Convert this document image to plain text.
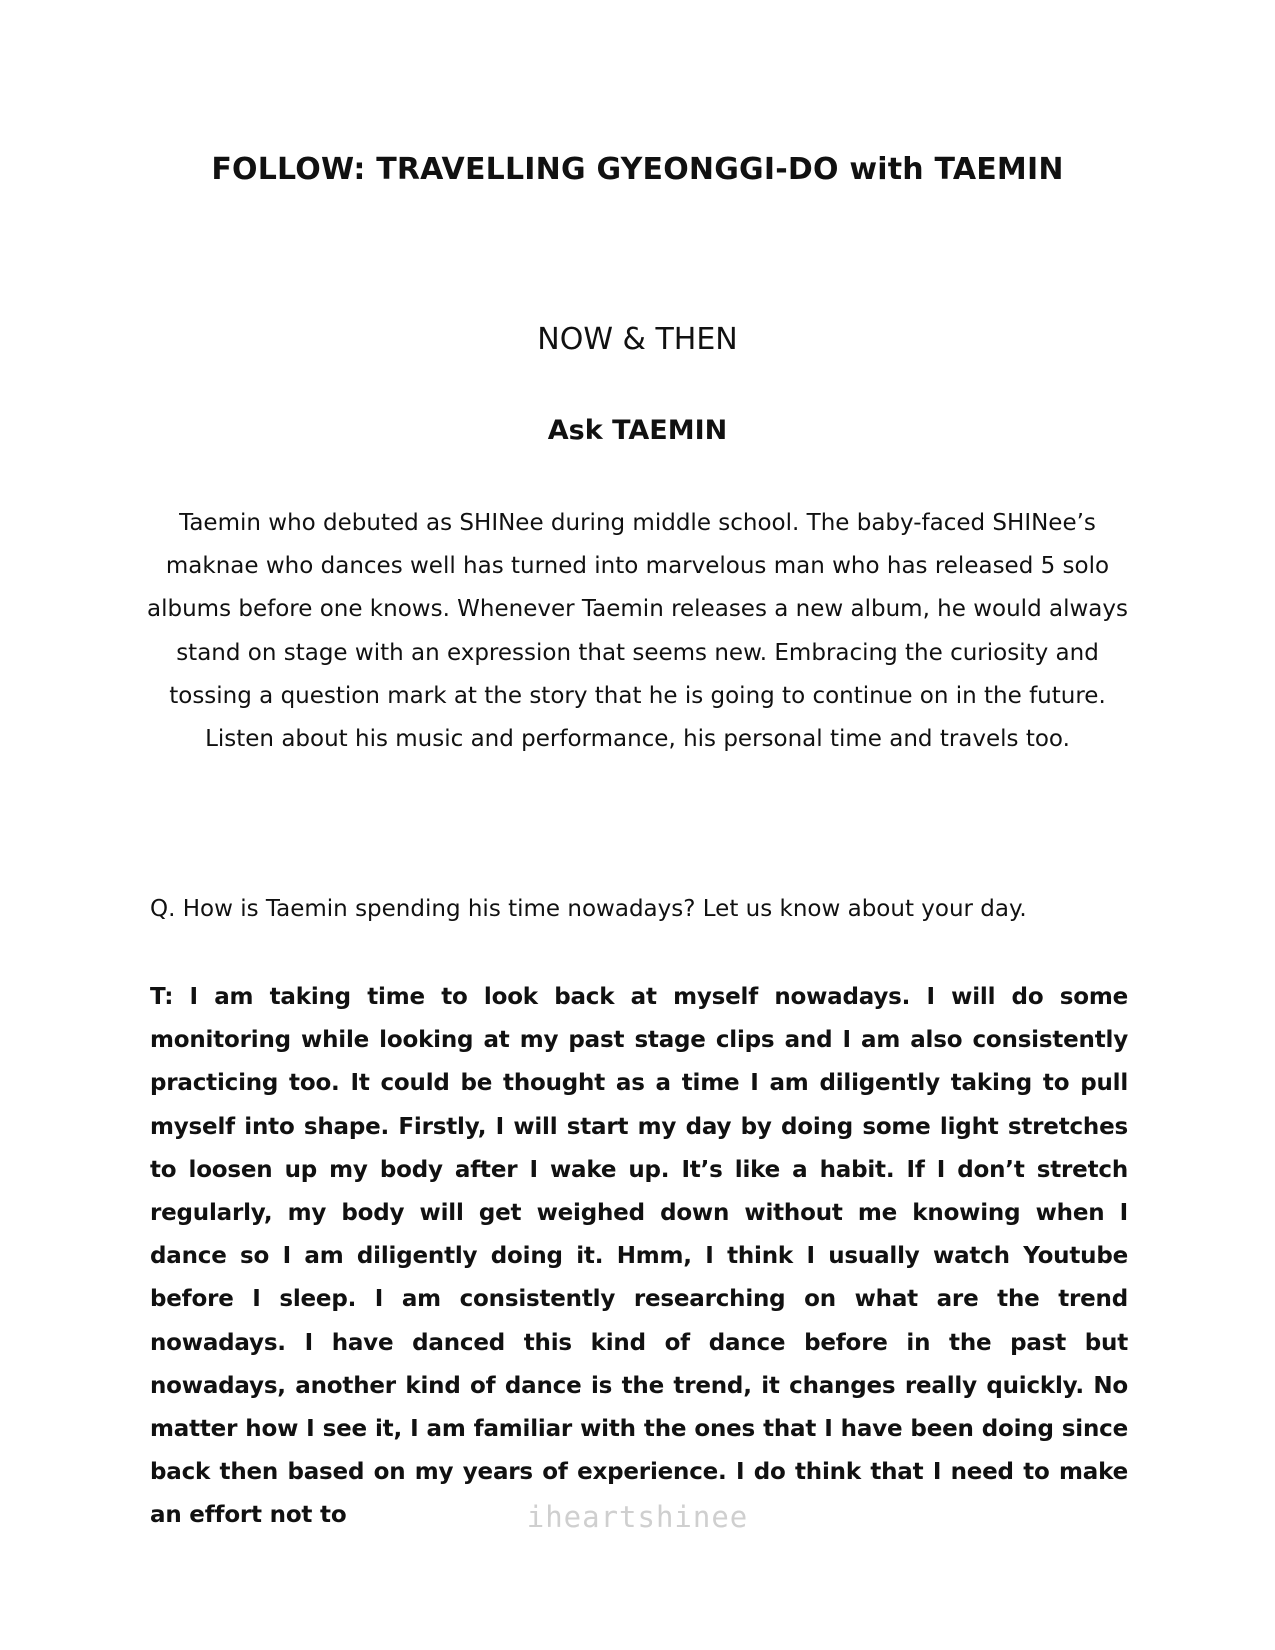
FOLLOW: TRAVELLING GYEONGGI-DO with TAEMIN
NOW & THEN
Ask TAEMIN

Taemin who debuted as SHINee during middle school. The baby-faced SHINee’s maknae who dances well has turned into marvelous man who has released 5 solo albums before one knows. Whenever Taemin releases a new album, he would always stand on stage with an expression that seems new. Embracing the curiosity and tossing a question mark at the story that he is going to continue on in the future. Listen about his music and performance, his personal time and travels too.

Q. How is Taemin spending his time nowadays? Let us know about your day.

T: I am taking time to look back at myself nowadays. I will do some monitoring while looking at my past stage clips and I am also consistently practicing too. It could be thought as a time I am diligently taking to pull myself into shape. Firstly, I will start my day by doing some light stretches to loosen up my body after I wake up. It’s like a habit. If I don’t stretch regularly, my body will get weighed down without me knowing when I dance so I am diligently doing it. Hmm, I think I usually watch Youtube before I sleep. I am consistently researching on what are the trend nowadays. I have danced this kind of dance before in the past but nowadays, another kind of dance is the trend, it changes really quickly. No matter how I see it, I am familiar with the ones that I have been doing since back then based on my years of experience. I do think that I need to make an effort not to	iheartshinee
